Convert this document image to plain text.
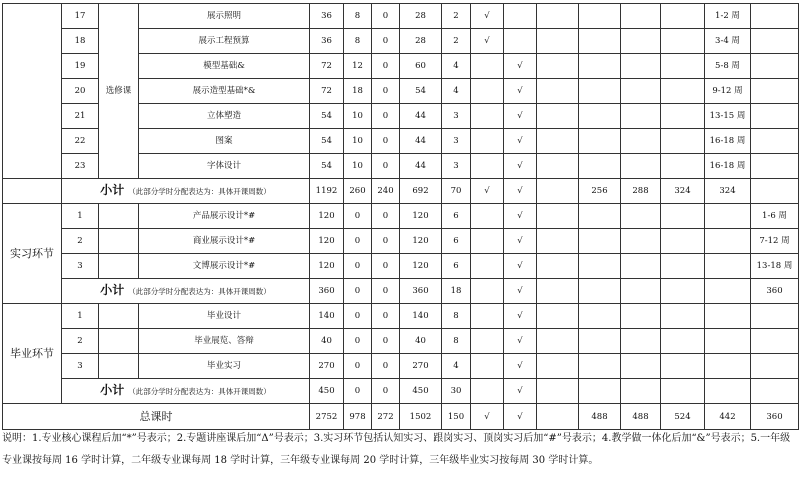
	17	选修课	展示照明	36	8	0	28	2	√						1-2 周		
	18		展示工程预算	36	8	0	28	2	√						3-4 周		
	19		模型基础&	72	12	0	60	4		√					5-8 周		
	20		展示造型基础*&	72	18	0	54	4		√					9-12 周		
	21		立体塑造	54	10	0	44	3		√					13-15 周		
	22		图案	54	10	0	44	3		√					16-18 周		
	23		字体设计	54	10	0	44	3		√					16-18 周		
	小计 （此部分学时分配表达为：具体开课周数）			1192	260	240	692	70	√	√		256	288	324	324		
实习环节	1		产品展示设计*#	120	0	0	120	6		√						1-6 周	
	2		商业展示设计*#	120	0	0	120	6		√						7-12 周	
	3		文博展示设计*#	120	0	0	120	6		√						13-18 周	
	小计 （此部分学时分配表达为：具体开课周数）			360	0	0	360	18		√						360	
毕业环节	1		毕业设计	140	0	0	140	8		√							
	2		毕业展览、答辩	40	0	0	40	8		√							
	3		毕业实习	270	0	0	270	4		√							
	小计 （此部分学时分配表达为：具体开课周数）			450	0	0	450	30		√							
总课时				2752	978	272	1502	150	√	√		488	488	524	442	360	
说明：1.专业核心课程后加“*”号表示；2.专题讲座课后加“Δ”号表示；3.实习环节包括认知实习、跟岗实习、顶岗实习后加“#”号表示；4.教学做一体化后加“&”号表示；5.一年级专业课按每周 16 学时计算，二年级专业课每周 18 学时计算，三年级专业课每周 20 学时计算，三年级毕业实习按每周 30 学时计算。
